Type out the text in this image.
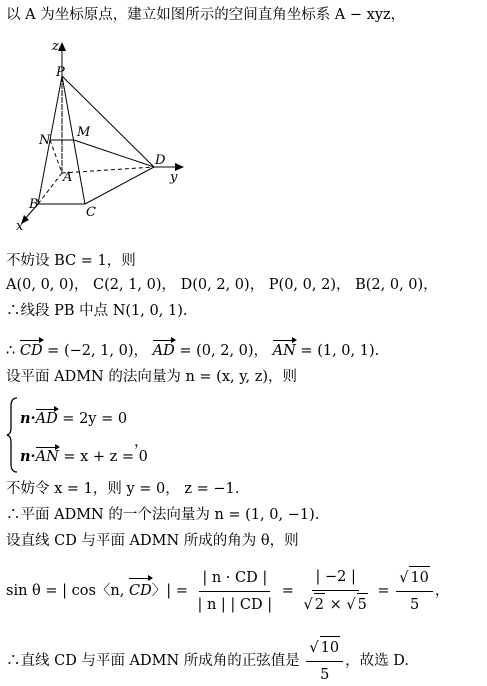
以 A 为坐标原点，建立如图所示的空间直角坐标系 A − xyz，
z
P
M
N
A
D
y
B
C
x
不妨设 BC = 1，则
A(0, 0, 0)， C(2, 1, 0)， D(0, 2, 0)， P(0, 0, 2)， B(2, 0, 0)，
∴线段 PB 中点 N(1, 0, 1).
∴ CD = (−2, 1, 0)， AD = (0, 2, 0)， AN = (1, 0, 1).
设平面 ADMN 的法向量为 n = (x, y, z)，则
n·AD = 2y = 0
n·AN = x + z = 0
，
不妨令 x = 1，则 y = 0， z = −1.
∴平面 ADMN 的一个法向量为 n = (1, 0, −1).
设直线 CD 与平面 ADMN 所成的角为 θ，则
sin θ = | cos〈n, CD〉| = $\frac{| n \cdot CD |}{| n | | CD |} = \frac{| -2 |}{√ 2 \times √ 5} = \frac{√ 10}{5}$ ，
∴直线 CD 与平面 ADMN 所成角的正弦值是 $\frac{√ 10}{5}$ ，故选 D.
